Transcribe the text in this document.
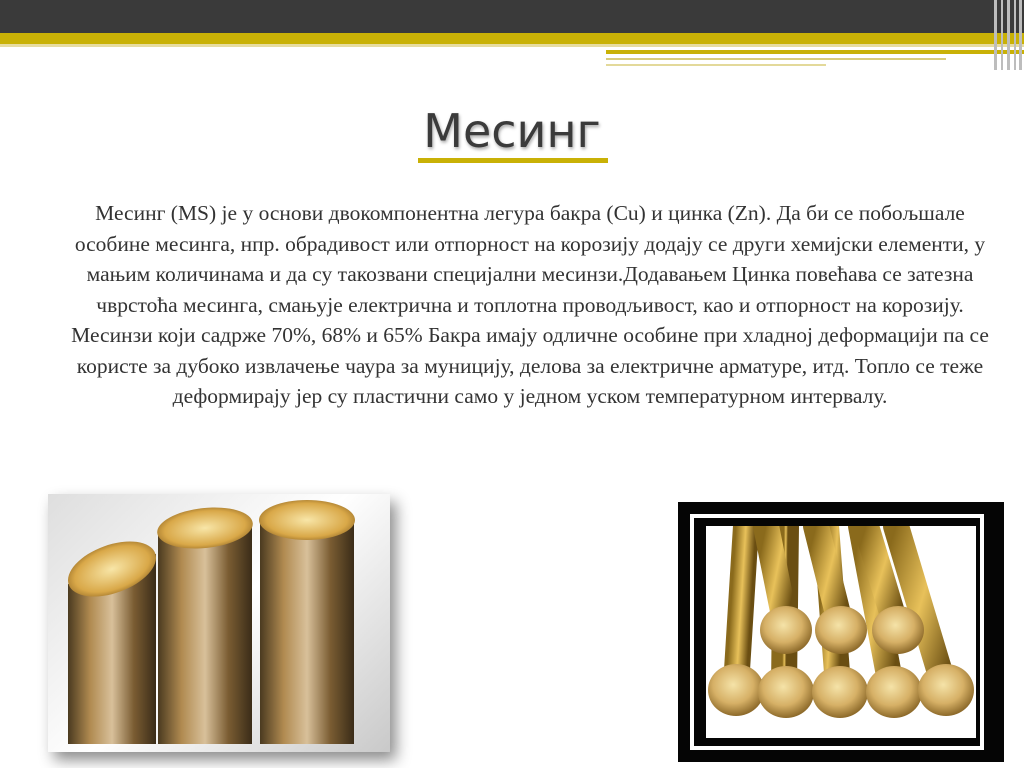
Месинг
Месинг (MS) је у основи двокомпонентна легура бакра (Cu) и цинка (Zn). Да би се побољшале особине месинга, нпр. обрадивост или отпорност на корозију додају се други хемијски елементи, у мањим количинама и да су такозвани специјални месинзи.Додавањем Цинка повећава се затезна чврстоћа месинга, смањује електрична и топлотна проводљивост, као и отпорност на корозију. Месинзи који садрже 70%, 68% и 65% Бакра имају одличне особине при хладној деформацији па се користе за дубоко извлачење чаура за муницију, делова за електричне арматуре, итд. Топло се теже деформирају јер су пластични само у једном уском температурном интервалу.
